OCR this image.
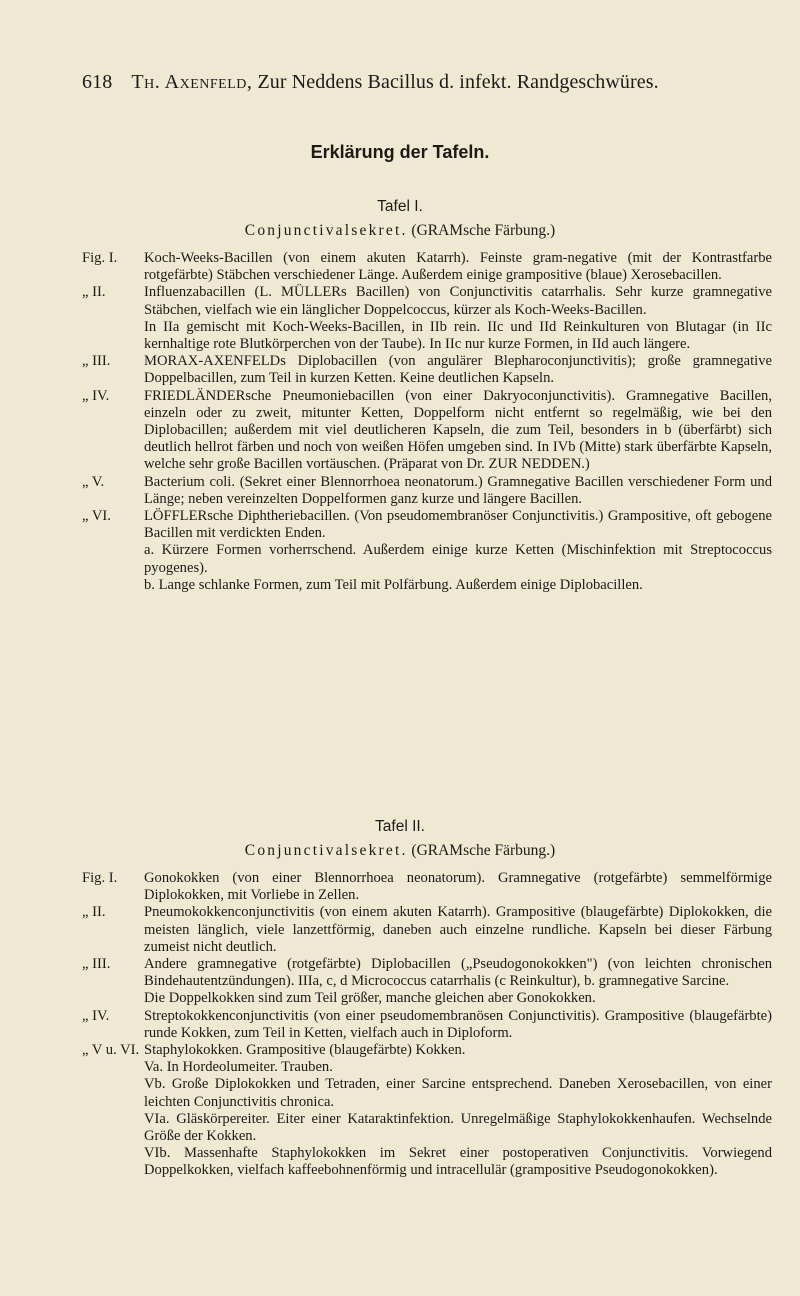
618 Th. Axenfeld, Zur Neddens Bacillus d. infekt. Randgeschwüres.
Erklärung der Tafeln.
Tafel I.
Conjunctivalsekret. (GRAMsche Färbung.)
Fig. I.	Koch-Weeks-Bacillen (von einem akuten Katarrh). Feinste gram-negative (mit der Kontrastfarbe rotgefärbte) Stäbchen verschiedener Länge. Außerdem einige grampositive (blaue) Xerosebacillen.

„ II.	Influenzabacillen (L. MÜLLERs Bacillen) von Conjunctivitis catarrhalis. Sehr kurze gramnegative Stäbchen, vielfach wie ein länglicher Doppelcoccus, kürzer als Koch-Weeks-Bacillen.

In IIa gemischt mit Koch-Weeks-Bacillen, in IIb rein. IIc und IId Reinkulturen von Blutagar (in IIc kernhaltige rote Blutkörperchen von der Taube). In IIc nur kurze Formen, in IId auch längere.

„ III.	MORAX-AXENFELDs Diplobacillen (von angulärer Blepharoconjunctivitis); große gramnegative Doppelbacillen, zum Teil in kurzen Ketten. Keine deutlichen Kapseln.

„ IV.	FRIEDLÄNDERsche Pneumoniebacillen (von einer Dakryoconjunctivitis). Gramnegative Bacillen, einzeln oder zu zweit, mitunter Ketten, Doppelform nicht entfernt so regelmäßig, wie bei den Diplobacillen; außerdem mit viel deutlicheren Kapseln, die zum Teil, besonders in b (überfärbt) sich deutlich hellrot färben und noch von weißen Höfen umgeben sind. In IVb (Mitte) stark überfärbte Kapseln, welche sehr große Bacillen vortäuschen. (Präparat von Dr. ZUR NEDDEN.)

„ V.	Bacterium coli. (Sekret einer Blennorrhoea neonatorum.) Gramnegative Bacillen verschiedener Form und Länge; neben vereinzelten Doppelformen ganz kurze und längere Bacillen.

„ VI.	LÖFFLERsche Diphtheriebacillen. (Von pseudomembranöser Conjunctivitis.) Grampositive, oft gebogene Bacillen mit verdickten Enden.

a. Kürzere Formen vorherrschend. Außerdem einige kurze Ketten (Mischinfektion mit Streptococcus pyogenes).

b. Lange schlanke Formen, zum Teil mit Polfärbung. Außerdem einige Diplobacillen.

Tafel II.
Conjunctivalsekret. (GRAMsche Färbung.)
Fig. I.	Gonokokken (von einer Blennorrhoea neonatorum). Gramnegative (rotgefärbte) semmelförmige Diplokokken, mit Vorliebe in Zellen.

„ II.	Pneumokokkenconjunctivitis (von einem akuten Katarrh). Grampositive (blaugefärbte) Diplokokken, die meisten länglich, viele lanzettförmig, daneben auch einzelne rundliche. Kapseln bei dieser Färbung zumeist nicht deutlich.

„ III.	Andere gramnegative (rotgefärbte) Diplobacillen („Pseudogonokokken") (von leichten chronischen Bindehautentzündungen). IIIa, c, d Micrococcus catarrhalis (c Reinkultur), b. gramnegative Sarcine.

Die Doppelkokken sind zum Teil größer, manche gleichen aber Gonokokken.

„ IV.	Streptokokkenconjunctivitis (von einer pseudomembranösen Conjunctivitis). Grampositive (blaugefärbte) runde Kokken, zum Teil in Ketten, vielfach auch in Diploform.

„ V u. VI. Staphylokokken. Grampositive (blaugefärbte) Kokken.

Va. In Hordeolumeiter. Trauben.

Vb. Große Diplokokken und Tetraden, einer Sarcine entsprechend. Daneben Xerosebacillen, von einer leichten Conjunctivitis chronica.

VIa. Gläskörpereiter. Eiter einer Kataraktinfektion. Unregelmäßige Staphylokokkenhaufen. Wechselnde Größe der Kokken.

VIb. Massenhafte Staphylokokken im Sekret einer postoperativen Conjunctivitis. Vorwiegend Doppelkokken, vielfach kaffeebohnenförmig und intracellulär (grampositive Pseudogonokokken).
